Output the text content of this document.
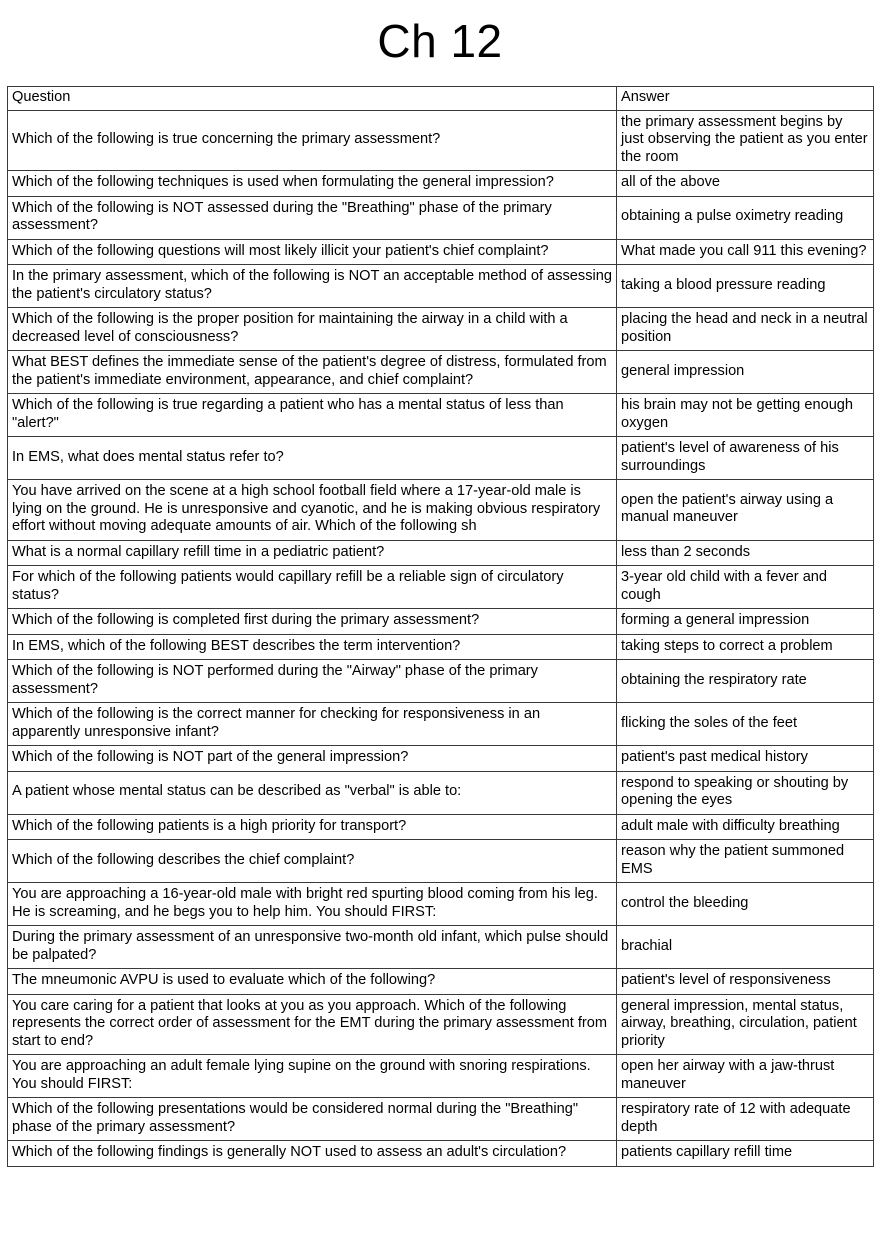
Ch 12
Question	Answer
Which of the following is true concerning the primary assessment?	the primary assessment begins by just observing the patient as you enter the room
Which of the following techniques is used when formulating the general impression?	all of the above
Which of the following is NOT assessed during the "Breathing" phase of the primary assessment?	obtaining a pulse oximetry reading
Which of the following questions will most likely illicit your patient's chief complaint?	What made you call 911 this evening?
In the primary assessment, which of the following is NOT an acceptable method of assessing the patient's circulatory status?	taking a blood pressure reading
Which of the following is the proper position for maintaining the airway in a child with a decreased level of consciousness?	placing the head and neck in a neutral position
What BEST defines the immediate sense of the patient's degree of distress, formulated from the patient's immediate environment, appearance, and chief complaint?	general impression
Which of the following is true regarding a patient who has a mental status of less than "alert?"	his brain may not be getting enough oxygen
In EMS, what does mental status refer to?	patient's level of awareness of his surroundings
You have arrived on the scene at a high school football field where a 17-year-old male is lying on the ground. He is unresponsive and cyanotic, and he is making obvious respiratory effort without moving adequate amounts of air. Which of the following sh	open the patient's airway using a manual maneuver
What is a normal capillary refill time in a pediatric patient?	less than 2 seconds
For which of the following patients would capillary refill be a reliable sign of circulatory status?	3-year old child with a fever and cough
Which of the following is completed first during the primary assessment?	forming a general impression
In EMS, which of the following BEST describes the term intervention?	taking steps to correct a problem
Which of the following is NOT performed during the "Airway" phase of the primary assessment?	obtaining the respiratory rate
Which of the following is the correct manner for checking for responsiveness in an apparently unresponsive infant?	flicking the soles of the feet
Which of the following is NOT part of the general impression?	patient's past medical history
A patient whose mental status can be described as "verbal" is able to:	respond to speaking or shouting by opening the eyes
Which of the following patients is a high priority for transport?	adult male with difficulty breathing
Which of the following describes the chief complaint?	reason why the patient summoned EMS
You are approaching a 16-year-old male with bright red spurting blood coming from his leg. He is screaming, and he begs you to help him. You should FIRST:	control the bleeding
During the primary assessment of an unresponsive two-month old infant, which pulse should be palpated?	brachial
The mneumonic AVPU is used to evaluate which of the following?	patient's level of responsiveness
You care caring for a patient that looks at you as you approach. Which of the following represents the correct order of assessment for the EMT during the primary assessment from start to end?	general impression, mental status, airway, breathing, circulation, patient priority
You are approaching an adult female lying supine on the ground with snoring respirations. You should FIRST:	open her airway with a jaw-thrust maneuver
Which of the following presentations would be considered normal during the "Breathing" phase of the primary assessment?	respiratory rate of 12 with adequate depth
Which of the following findings is generally NOT used to assess an adult's circulation?	patients capillary refill time
